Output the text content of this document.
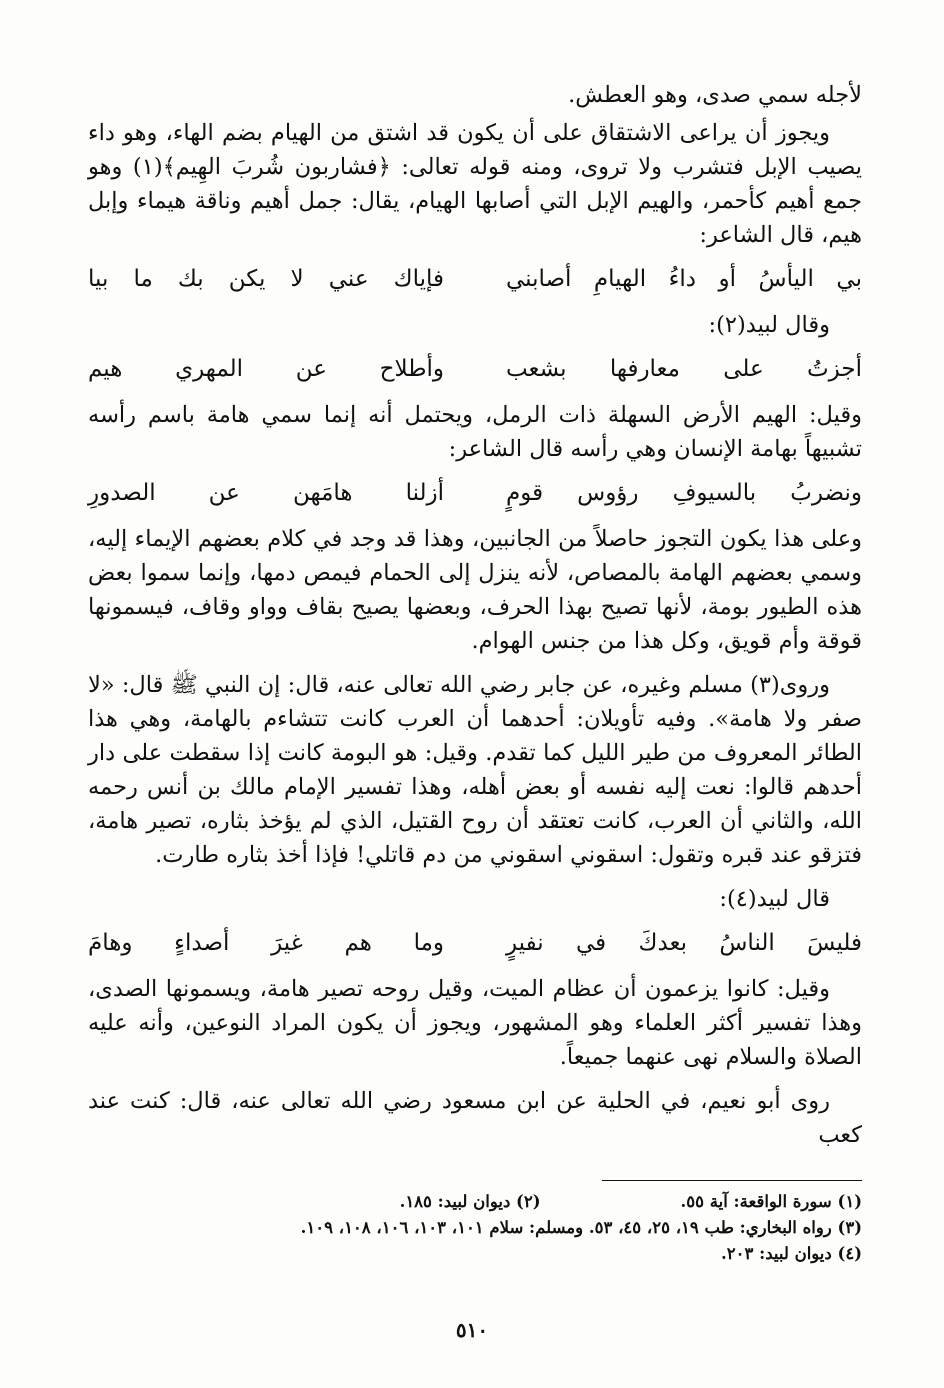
لأجله سمي صدى، وهو العطش.

ويجوز أن يراعى الاشتقاق على أن يكون قد اشتق من الهيام بضم الهاء، وهو داء يصيب الإبل فتشرب ولا تروى، ومنه قوله تعالى: ﴿فشاربون شُربَ الهِيم﴾(١) وهو جمع أهيم كأحمر، والهيم الإبل التي أصابها الهيام، يقال: جمل أهيم وناقة هيماء وإبل هيم، قال الشاعر:

بي اليأسُ أو داءُ الهيامِ أصابني
فإياك عني لا يكن بك ما بيا

وقال لبيد(٢):

أجزتُ على معارفها بشعب
وأطلاح عن المهري هيم

وقيل: الهيم الأرض السهلة ذات الرمل، ويحتمل أنه إنما سمي هامة باسم رأسه تشبيهاً بهامة الإنسان وهي رأسه قال الشاعر:

ونضربُ بالسيوفِ رؤوس قومٍ
أزلنا هامَهن عن الصدورِ

وعلى هذا يكون التجوز حاصلاً من الجانبين، وهذا قد وجد في كلام بعضهم الإيماء إليه، وسمي بعضهم الهامة بالمصاص، لأنه ينزل إلى الحمام فيمص دمها، وإنما سموا بعض هذه الطيور بومة، لأنها تصيح بهذا الحرف، وبعضها يصيح بقاف وواو وقاف، فيسمونها قوقة وأم قويق، وكل هذا من جنس الهوام.

وروى(٣) مسلم وغيره، عن جابر رضي الله تعالى عنه، قال: إن النبي ﷺ قال: «لا صفر ولا هامة». وفيه تأويلان: أحدهما أن العرب كانت تتشاءم بالهامة، وهي هذا الطائر المعروف من طير الليل كما تقدم. وقيل: هو البومة كانت إذا سقطت على دار أحدهم قالوا: نعت إليه نفسه أو بعض أهله، وهذا تفسير الإمام مالك بن أنس رحمه الله، والثاني أن العرب، كانت تعتقد أن روح القتيل، الذي لم يؤخذ بثاره، تصير هامة، فتزقو عند قبره وتقول: اسقوني اسقوني من دم قاتلي! فإذا أخذ بثاره طارت.

قال لبيد(٤):

فليسَ الناسُ بعدكَ في نفيرٍ
وما هم غيرَ أصداءٍ وهامَ

وقيل: كانوا يزعمون أن عظام الميت، وقيل روحه تصير هامة، ويسمونها الصدى، وهذا تفسير أكثر العلماء وهو المشهور، ويجوز أن يكون المراد النوعين، وأنه عليه الصلاة والسلام نهى عنهما جميعاً.

روى أبو نعيم، في الحلية عن ابن مسعود رضي الله تعالى عنه، قال: كنت عند كعب

(١) سورة الواقعة: آية ٥٥.
(٢) ديوان لبيد: ١٨٥.
(٣) رواه البخاري: طب ١٩، ٢٥، ٤٥، ٥٣. ومسلم: سلام ١٠١، ١٠٣، ١٠٦، ١٠٨، ١٠٩.
(٤) ديوان لبيد: ٢٠٣.
٥١٠
